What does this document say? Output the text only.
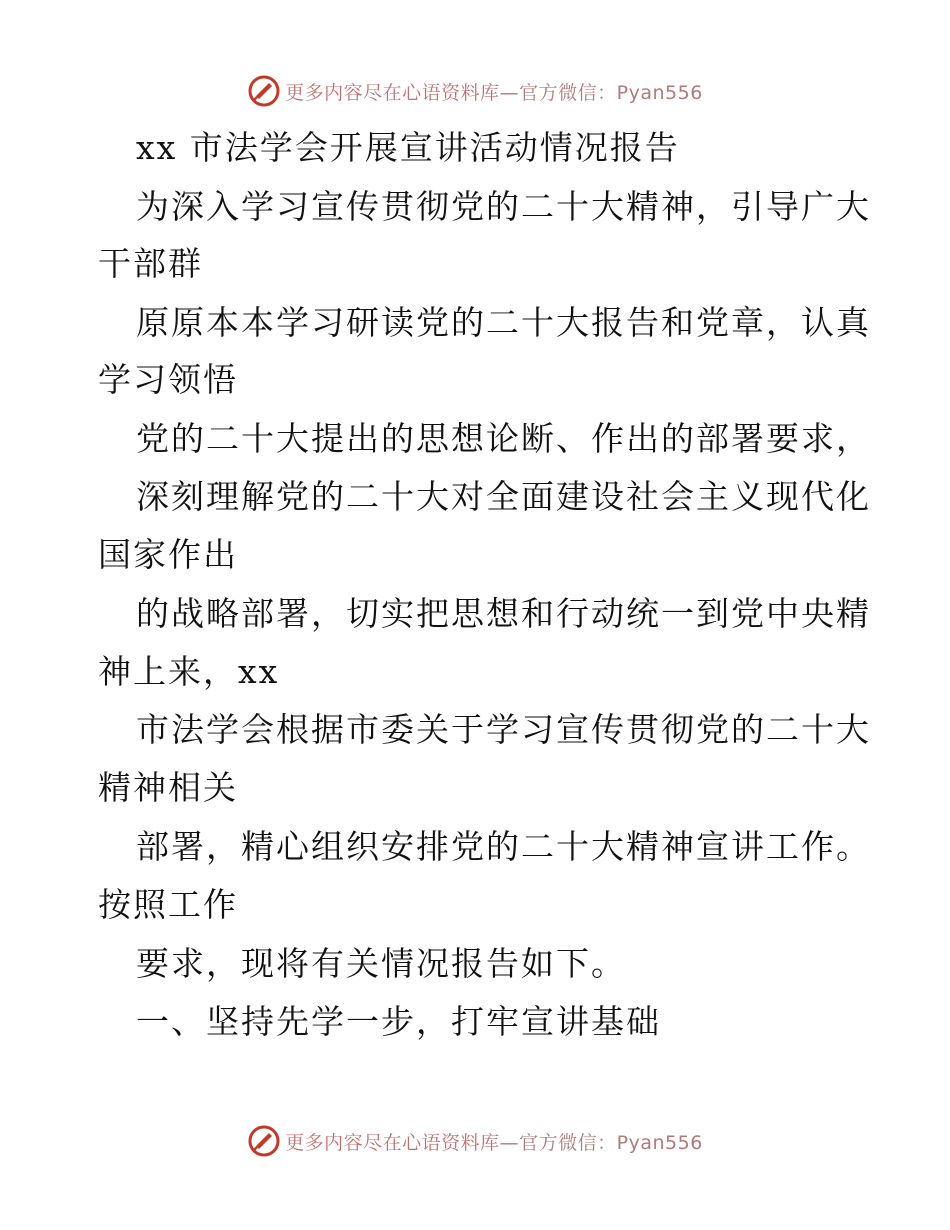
更多内容尽在心语资料库—官方微信：Pyan556
xx 市法学会开展宣讲活动情况报告
为深入学习宣传贯彻党的二十大精神，引导广大
干部群
原原本本学习研读党的二十大报告和党章，认真
学习领悟
党的二十大提出的思想论断、作出的部署要求，
深刻理解党的二十大对全面建设社会主义现代化
国家作出
的战略部署，切实把思想和行动统一到党中央精
神上来，xx
市法学会根据市委关于学习宣传贯彻党的二十大
精神相关
部署，精心组织安排党的二十大精神宣讲工作。
按照工作
要求，现将有关情况报告如下。
一、坚持先学一步，打牢宣讲基础
更多内容尽在心语资料库—官方微信：Pyan556
